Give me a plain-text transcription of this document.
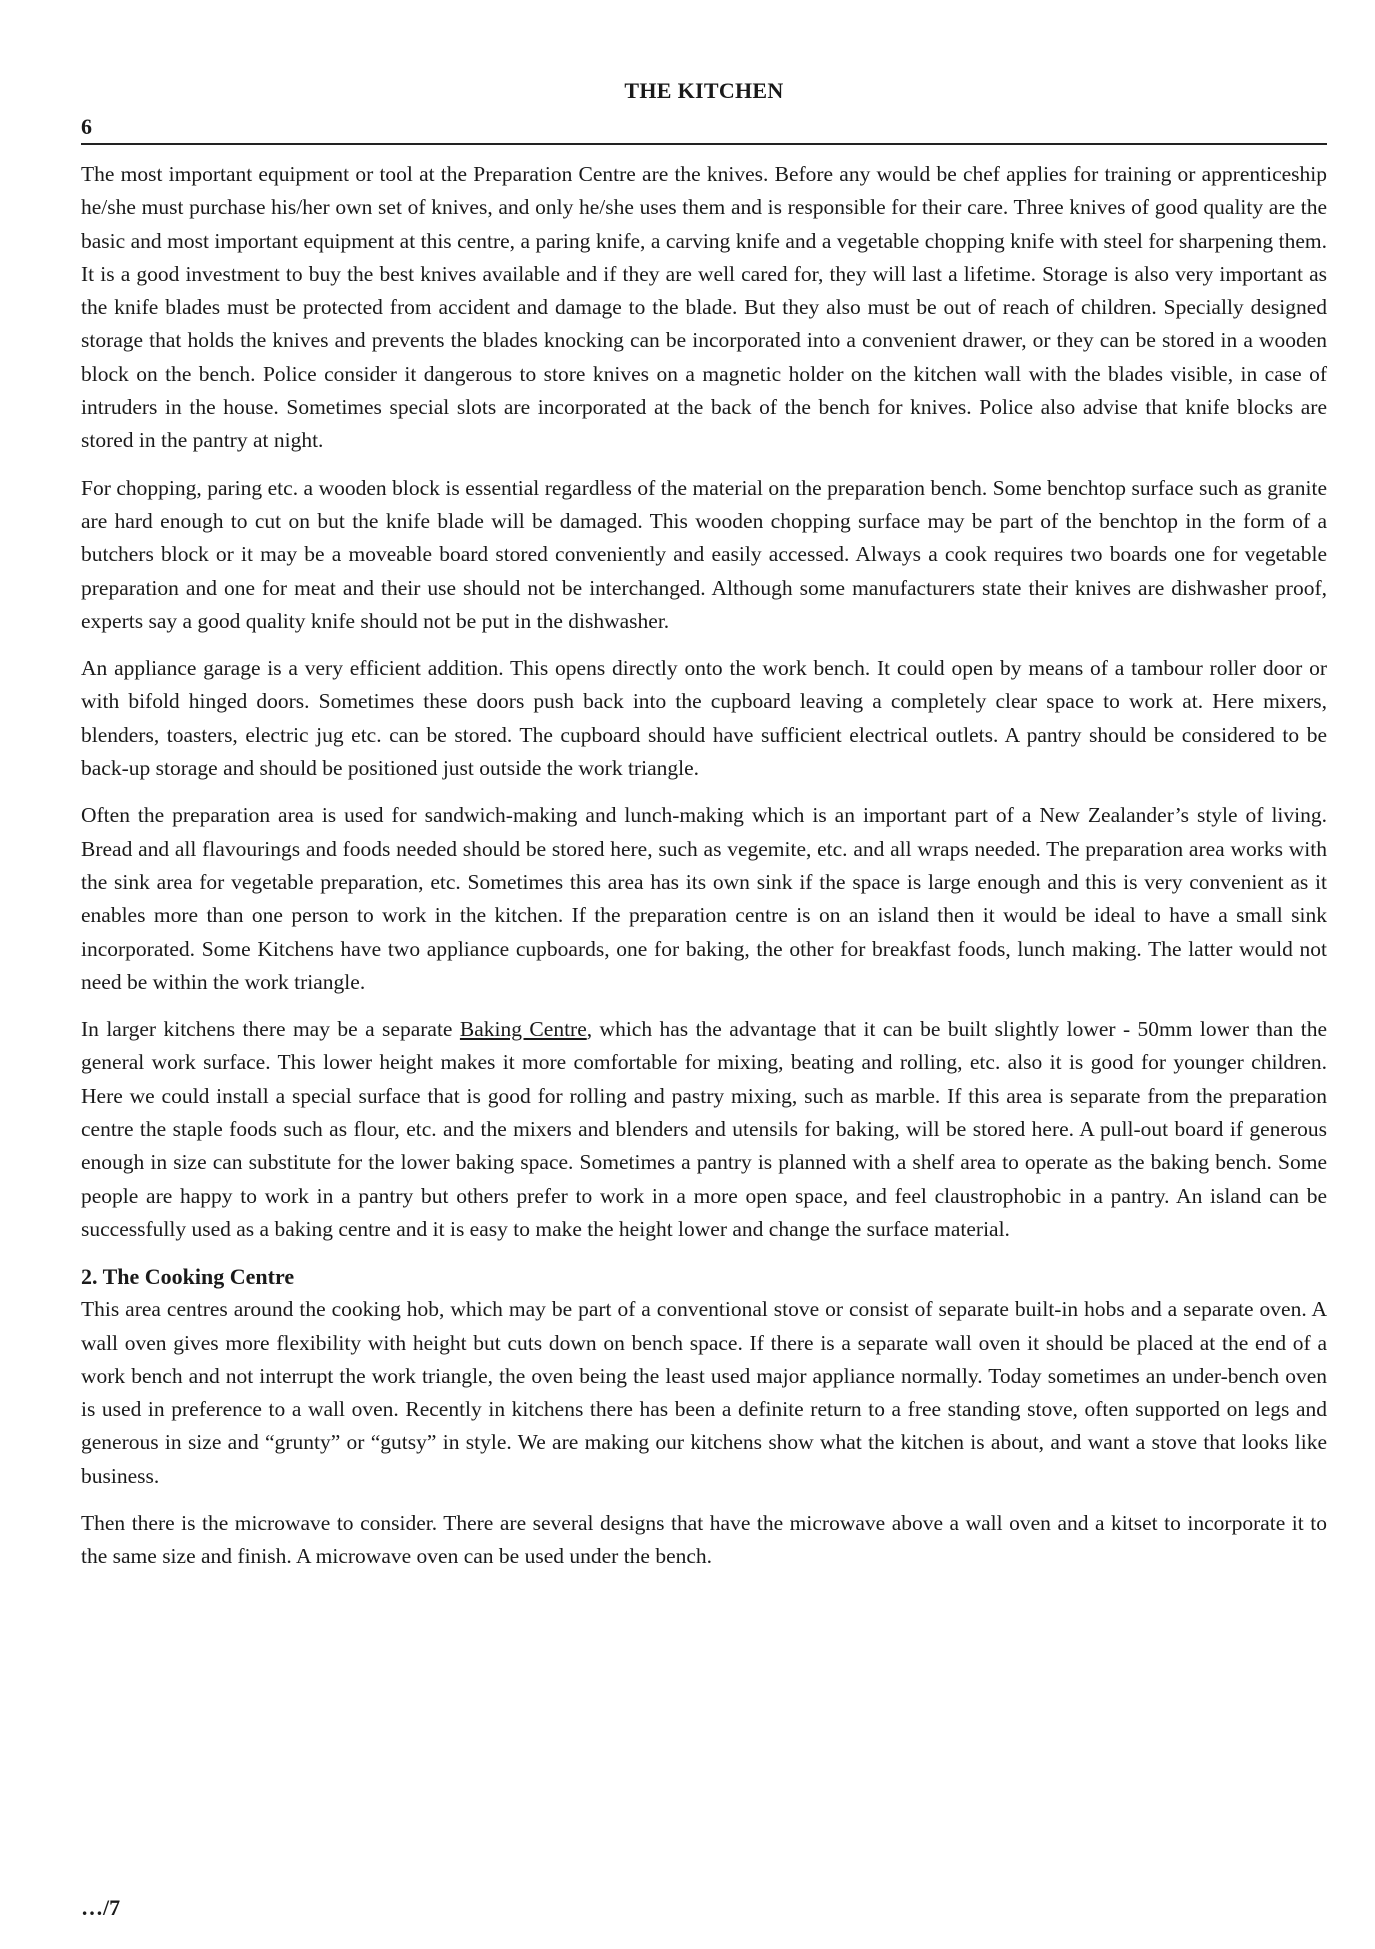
THE KITCHEN
6

The most important equipment or tool at the Preparation Centre are the knives. Before any would be chef applies for training or apprenticeship he/she must purchase his/her own set of knives, and only he/she uses them and is responsible for their care. Three knives of good quality are the basic and most important equipment at this centre, a paring knife, a carving knife and a vegetable chopping knife with steel for sharpening them. It is a good investment to buy the best knives available and if they are well cared for, they will last a lifetime. Storage is also very important as the knife blades must be protected from accident and damage to the blade. But they also must be out of reach of children. Specially designed storage that holds the knives and prevents the blades knocking can be incorporated into a convenient drawer, or they can be stored in a wooden block on the bench. Police consider it dangerous to store knives on a magnetic holder on the kitchen wall with the blades visible, in case of intruders in the house. Sometimes special slots are incorporated at the back of the bench for knives. Police also advise that knife blocks are stored in the pantry at night.

For chopping, paring etc. a wooden block is essential regardless of the material on the preparation bench. Some benchtop surface such as granite are hard enough to cut on but the knife blade will be damaged. This wooden chopping surface may be part of the benchtop in the form of a butchers block or it may be a moveable board stored conveniently and easily accessed. Always a cook requires two boards one for vegetable preparation and one for meat and their use should not be interchanged. Although some manufacturers state their knives are dishwasher proof, experts say a good quality knife should not be put in the dishwasher.

An appliance garage is a very efficient addition. This opens directly onto the work bench. It could open by means of a tambour roller door or with bifold hinged doors. Sometimes these doors push back into the cupboard leaving a completely clear space to work at. Here mixers, blenders, toasters, electric jug etc. can be stored. The cupboard should have sufficient electrical outlets. A pantry should be considered to be back-up storage and should be positioned just outside the work triangle.

Often the preparation area is used for sandwich-making and lunch-making which is an important part of a New Zealander’s style of living. Bread and all flavourings and foods needed should be stored here, such as vegemite, etc. and all wraps needed. The preparation area works with the sink area for vegetable preparation, etc. Sometimes this area has its own sink if the space is large enough and this is very convenient as it enables more than one person to work in the kitchen. If the preparation centre is on an island then it would be ideal to have a small sink incorporated. Some Kitchens have two appliance cupboards, one for baking, the other for breakfast foods, lunch making. The latter would not need be within the work triangle.

In larger kitchens there may be a separate Baking Centre, which has the advantage that it can be built slightly lower - 50mm lower than the general work surface. This lower height makes it more comfortable for mixing, beating and rolling, etc. also it is good for younger children. Here we could install a special surface that is good for rolling and pastry mixing, such as marble. If this area is separate from the preparation centre the staple foods such as flour, etc. and the mixers and blenders and utensils for baking, will be stored here. A pull-out board if generous enough in size can substitute for the lower baking space. Sometimes a pantry is planned with a shelf area to operate as the baking bench. Some people are happy to work in a pantry but others prefer to work in a more open space, and feel claustrophobic in a pantry. An island can be successfully used as a baking centre and it is easy to make the height lower and change the surface material.

2. The Cooking Centre

This area centres around the cooking hob, which may be part of a conventional stove or consist of separate built-in hobs and a separate oven. A wall oven gives more flexibility with height but cuts down on bench space. If there is a separate wall oven it should be placed at the end of a work bench and not interrupt the work triangle, the oven being the least used major appliance normally. Today sometimes an under-bench oven is used in preference to a wall oven. Recently in kitchens there has been a definite return to a free standing stove, often supported on legs and generous in size and “grunty” or “gutsy” in style. We are making our kitchens show what the kitchen is about, and want a stove that looks like business.

Then there is the microwave to consider. There are several designs that have the microwave above a wall oven and a kitset to incorporate it to the same size and finish. A microwave oven can be used under the bench.

…/7
